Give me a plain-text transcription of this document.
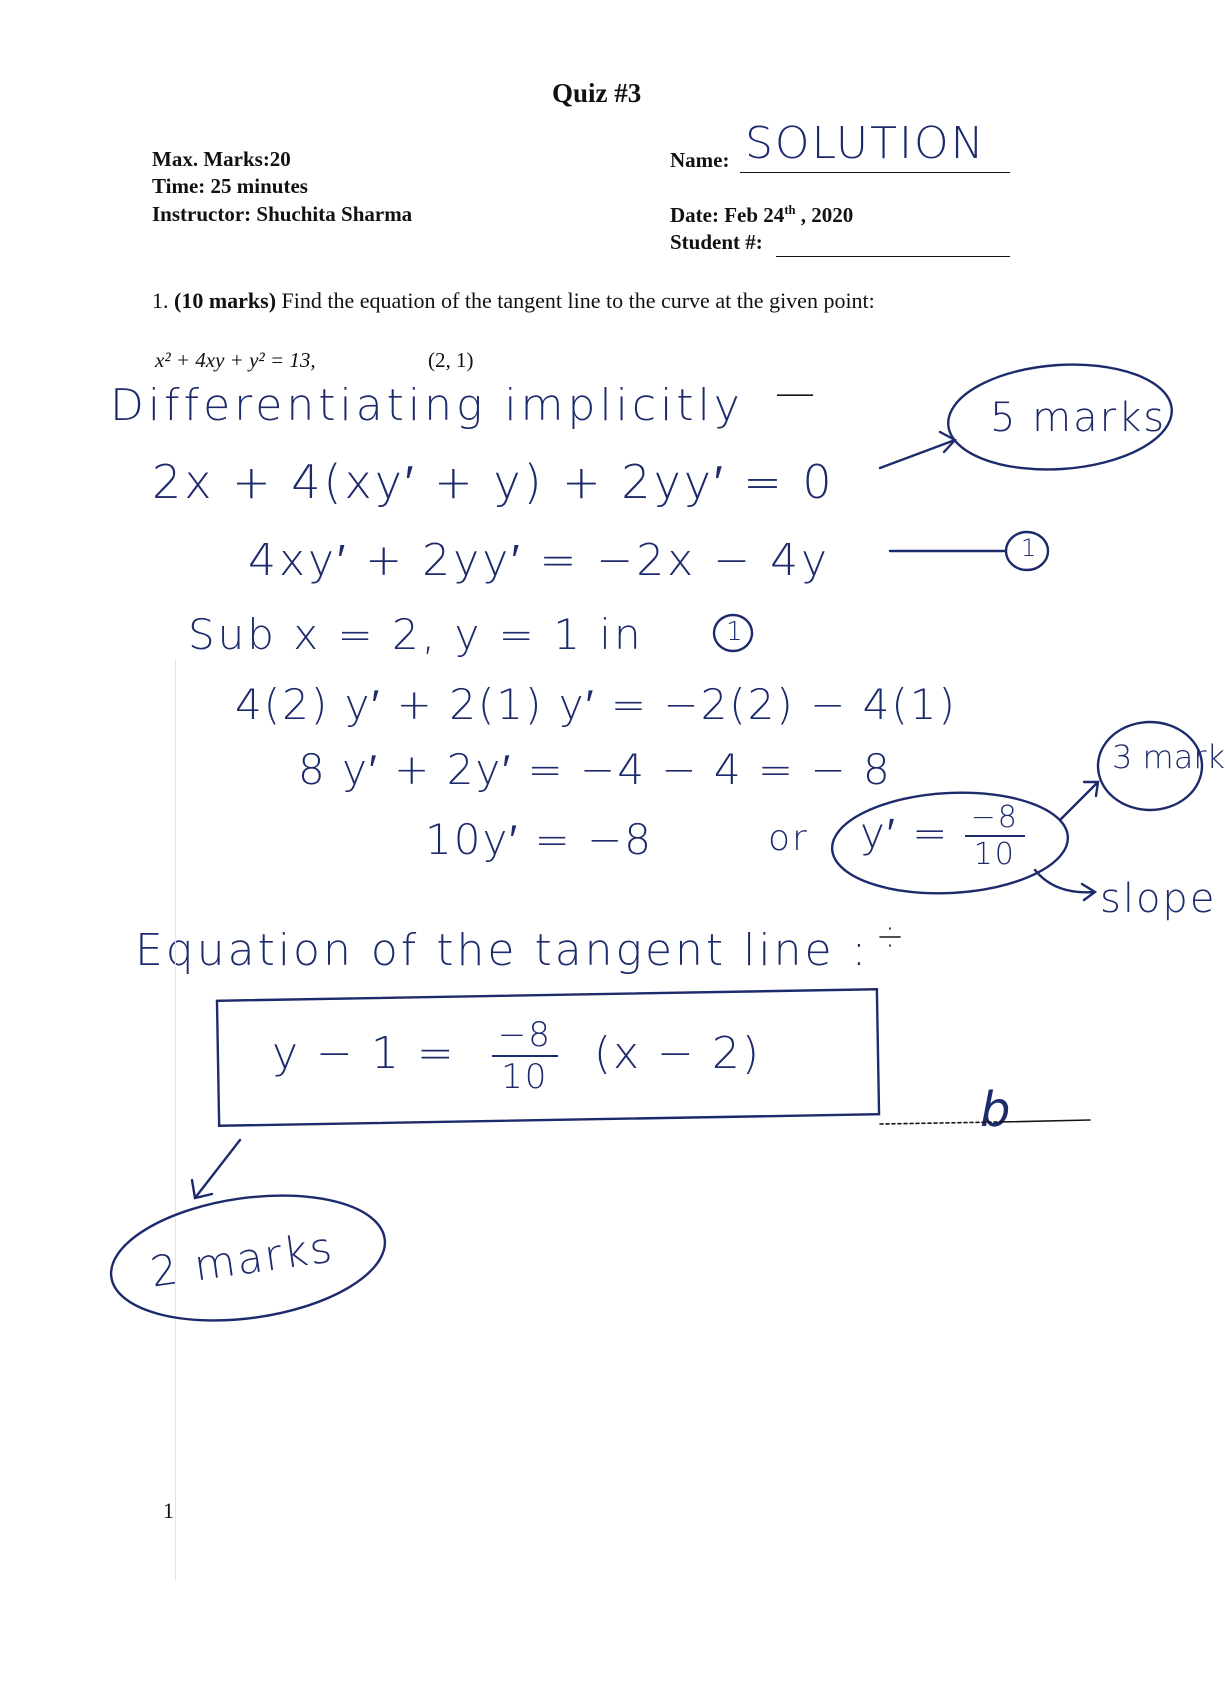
Quiz #3
Max. Marks:20
Time: 25 minutes
Instructor: Shuchita Sharma
Name: SOLUTION
Date: Feb 24th , 2020
Student #:
1. (10 marks) Find the equation of the tangent line to the curve at the given point:
x² + 4xy + y² = 13,	(2, 1)
Differentiating implicitly —
2x + 4(xy′ + y) + 2yy′ = 0
5 marks
4xy′ + 2yy′ = −2x − 4y	1
Sub x = 2, y = 1 in	1
4(2) y′ + 2(1) y′ = −2(2) − 4(1)
8 y′ + 2y′ = −4 − 4 = − 8
10y′ = −8	or $y' = \frac{-8}{10}$
3 mark
slope
Equation of the tangent line :
$y - 1 = \frac{-8}{10} (x - 2)$
b
2 marks
1
